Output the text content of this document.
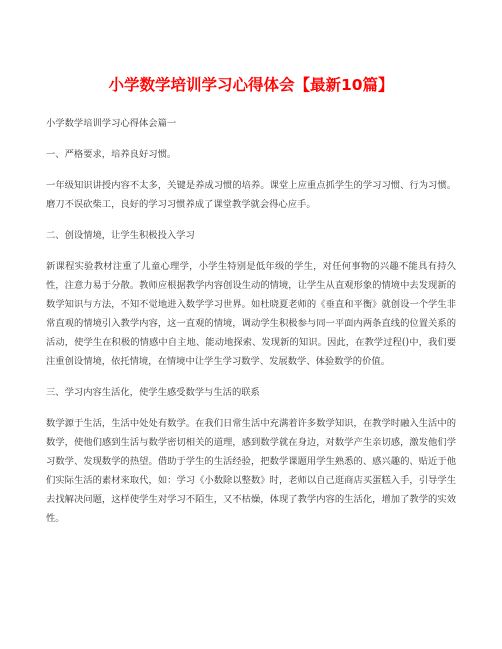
小学数学培训学习心得体会【最新10篇】

小学数学培训学习心得体会篇一

一、严格要求，培养良好习惯。

一年级知识讲授内容不太多，关键是养成习惯的培养。课堂上应重点抓学生的学习习惯、行为习惯。磨刀不误砍柴工，良好的学习习惯养成了课堂教学就会得心应手。

二、创设情境，让学生积极投入学习

新课程实验教材注重了儿童心理学，小学生特别是低年级的学生，对任何事物的兴趣不能具有持久性，注意力易于分散。教师应根据教学内容创设生动的情境，让学生从直观形象的情境中去发现新的数学知识与方法，不知不觉地进入数学学习世界。如杜晓夏老师的《垂直和平衡》就创设一个学生非常直观的情境引入教学内容，这一直观的情境，调动学生积极参与同一平面内两条直线的位置关系的活动，使学生在积极的情感中自主地、能动地探索、发现新的知识。因此，在教学过程()中，我们要注重创设情境，依托情境，在情境中让学生学习数学、发展数学、体验数学的价值。

三、学习内容生活化，使学生感受数学与生活的联系

数学源于生活，生活中处处有数学。在我们日常生活中充满着许多数学知识，在教学时融入生活中的数学，使他们感到生活与数学密切相关的道理，感到数学就在身边，对数学产生亲切感，激发他们学习数学、发现数学的热望。借助于学生的生活经验，把数学课题用学生熟悉的、感兴趣的、贴近于他们实际生活的素材来取代，如：学习《小数除以整数》时，老师以自己逛商店买蛋糕入手，引导学生去找解决问题，这样使学生对学习不陌生，又不枯燥，体现了教学内容的生活化，增加了教学的实效性。
